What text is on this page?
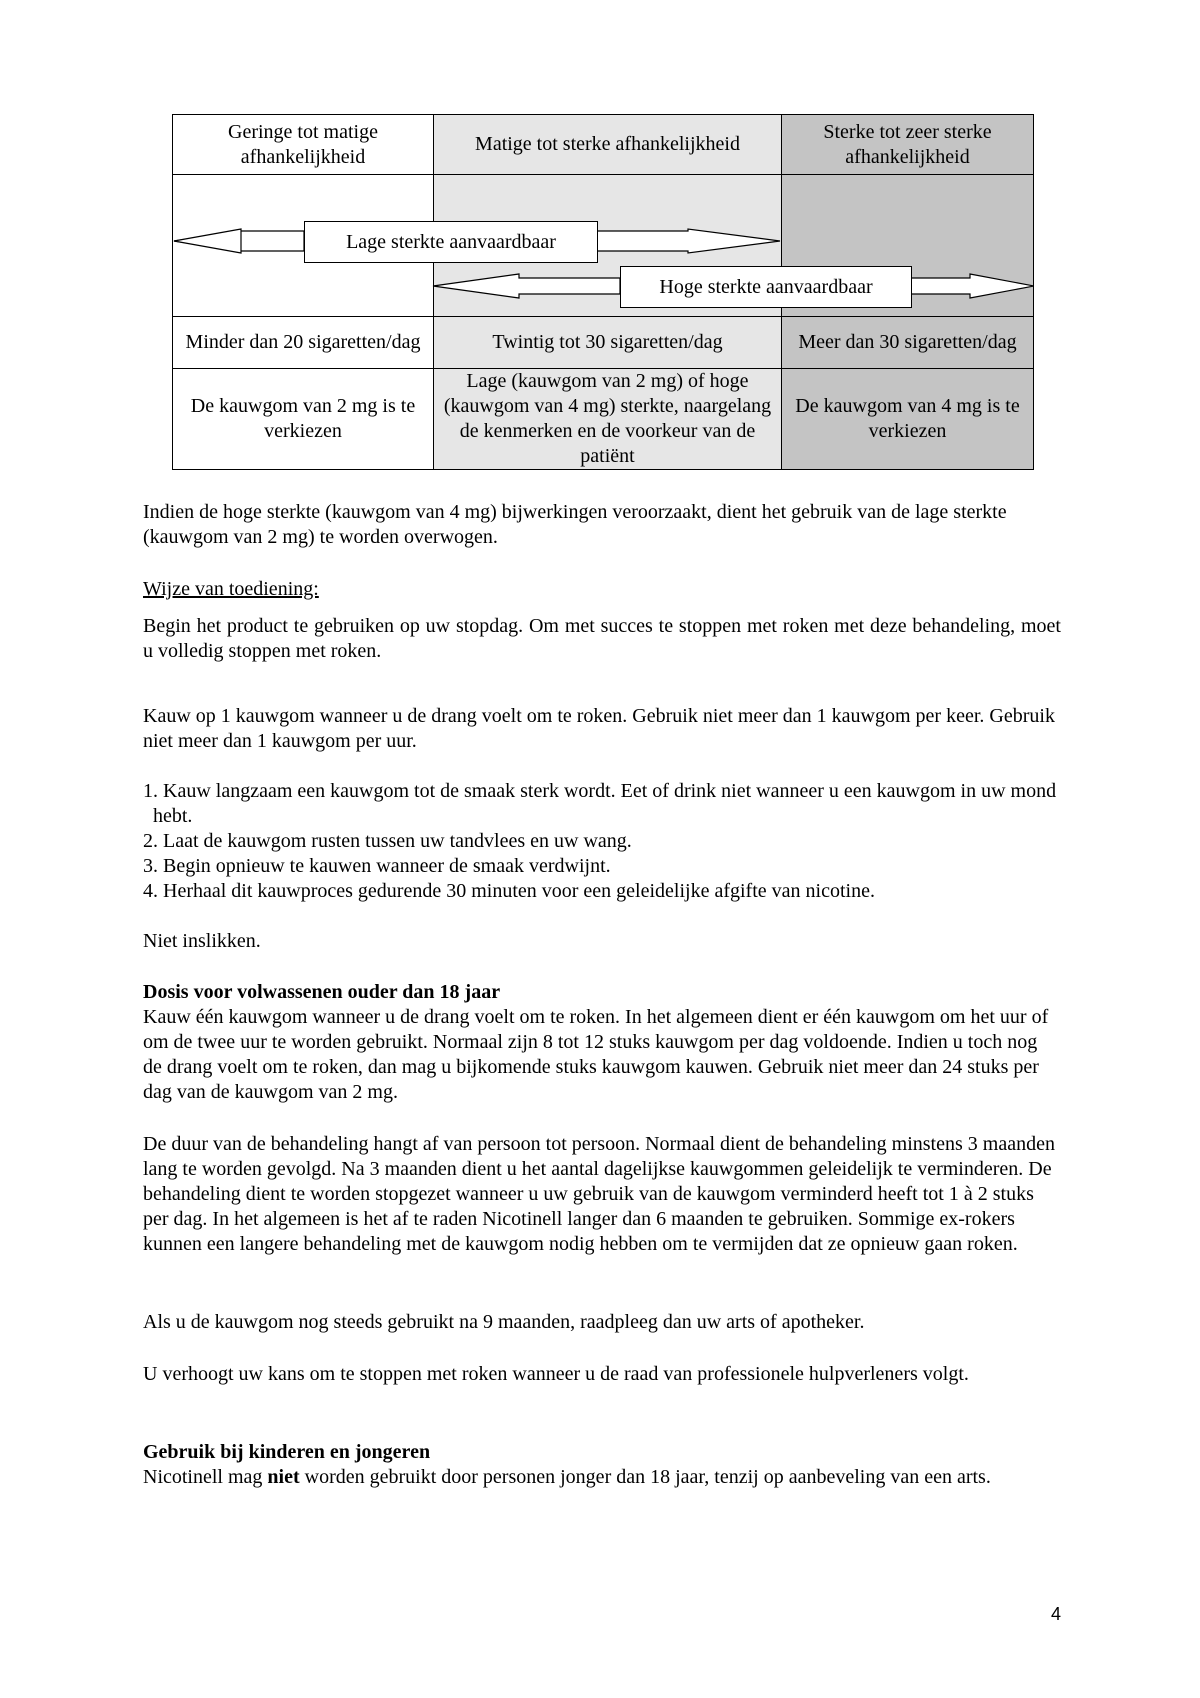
Geringe tot matige afhankelijkheid	Matige tot sterke afhankelijkheid	Sterke tot zeer sterke afhankelijkheid

Minder dan 20 sigaretten/dag	Twintig tot 30 sigaretten/dag	Meer dan 30 sigaretten/dag
De kauwgom van 2 mg is te verkiezen	Lage (kauwgom van 2 mg) of hoge (kauwgom van 4 mg) sterkte, naargelang de kenmerken en de voorkeur van de patiënt	De kauwgom van 4 mg is te verkiezen
Lage sterkte aanvaardbaar
Hoge sterkte aanvaardbaar

Indien de hoge sterkte (kauwgom van 4 mg) bijwerkingen veroorzaakt, dient het gebruik van de lage sterkte (kauwgom van 2 mg) te worden overwogen.

Wijze van toediening:

Begin het product te gebruiken op uw stopdag. Om met succes te stoppen met roken met deze behandeling, moet u volledig stoppen met roken.

Kauw op 1 kauwgom wanneer u de drang voelt om te roken. Gebruik niet meer dan 1 kauwgom per keer. Gebruik niet meer dan 1 kauwgom per uur.

1. Kauw langzaam een kauwgom tot de smaak sterk wordt. Eet of drink niet wanneer u een kauwgom in uw mond hebt.
2. Laat de kauwgom rusten tussen uw tandvlees en uw wang.
3. Begin opnieuw te kauwen wanneer de smaak verdwijnt.
4. Herhaal dit kauwproces gedurende 30 minuten voor een geleidelijke afgifte van nicotine.

Niet inslikken.

Dosis voor volwassenen ouder dan 18 jaar

Kauw één kauwgom wanneer u de drang voelt om te roken. In het algemeen dient er één kauwgom om het uur of om de twee uur te worden gebruikt. Normaal zijn 8 tot 12 stuks kauwgom per dag voldoende. Indien u toch nog de drang voelt om te roken, dan mag u bijkomende stuks kauwgom kauwen. Gebruik niet meer dan 24 stuks per dag van de kauwgom van 2 mg.

De duur van de behandeling hangt af van persoon tot persoon. Normaal dient de behandeling minstens 3 maanden lang te worden gevolgd. Na 3 maanden dient u het aantal dagelijkse kauwgommen geleidelijk te verminderen. De behandeling dient te worden stopgezet wanneer u uw gebruik van de kauwgom verminderd heeft tot 1 à 2 stuks per dag. In het algemeen is het af te raden Nicotinell langer dan 6 maanden te gebruiken. Sommige ex-rokers kunnen een langere behandeling met de kauwgom nodig hebben om te vermijden dat ze opnieuw gaan roken.

Als u de kauwgom nog steeds gebruikt na 9 maanden, raadpleeg dan uw arts of apotheker.

U verhoogt uw kans om te stoppen met roken wanneer u de raad van professionele hulpverleners volgt.

Gebruik bij kinderen en jongeren

Nicotinell mag niet worden gebruikt door personen jonger dan 18 jaar, tenzij op aanbeveling van een arts.

4
